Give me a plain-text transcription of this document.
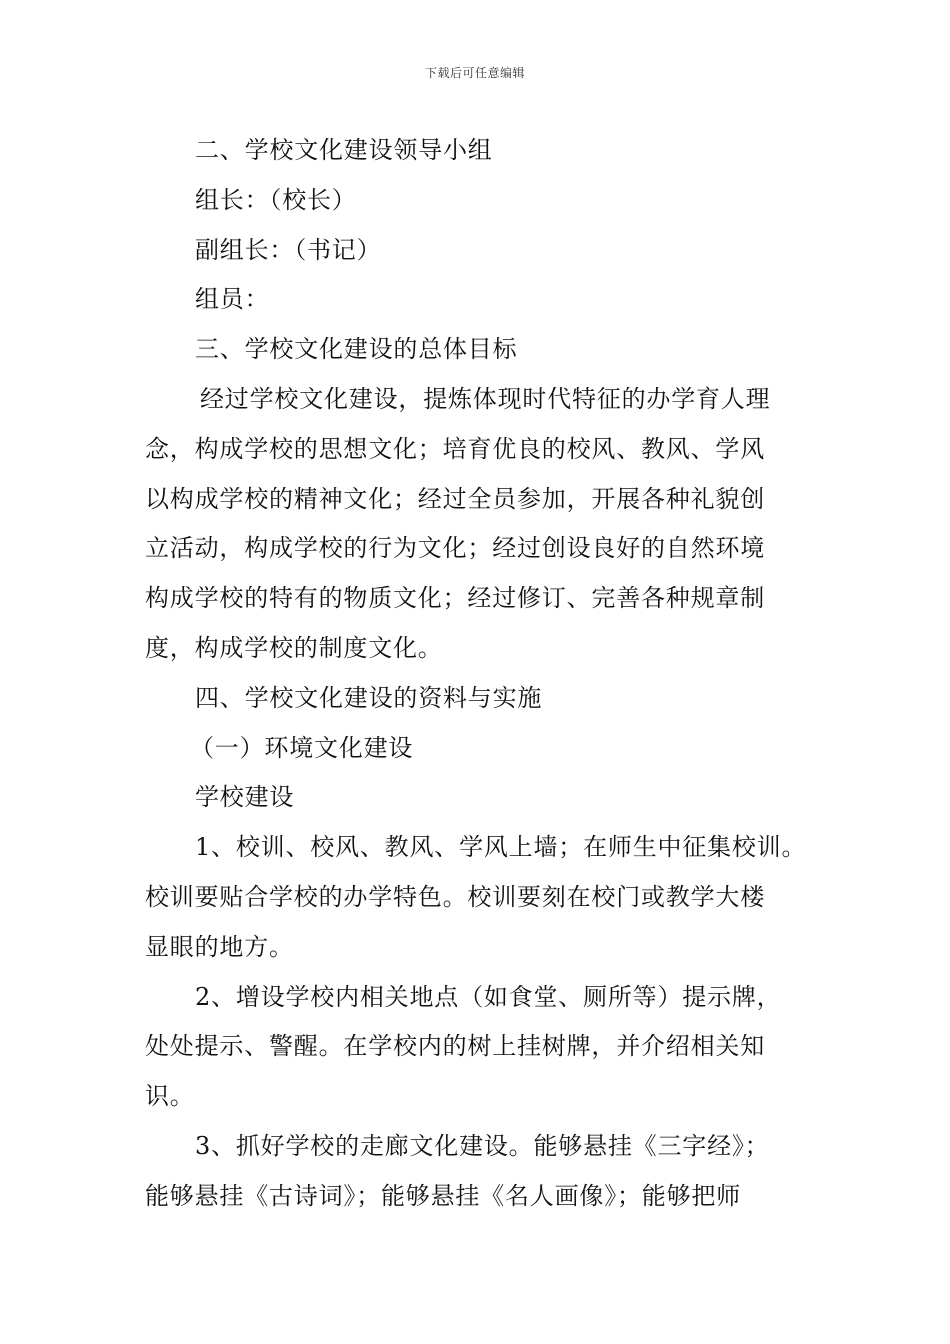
下载后可任意编辑
二、学校文化建设领导小组
组长：（校长）
副组长：（书记）
组员：
三、学校文化建设的总体目标
经过学校文化建设，提炼体现时代特征的办学育人理
念，构成学校的思想文化；培育优良的校风、教风、学风
以构成学校的精神文化；经过全员参加，开展各种礼貌创
立活动，构成学校的行为文化；经过创设良好的自然环境
构成学校的特有的物质文化；经过修订、完善各种规章制
度，构成学校的制度文化。
四、学校文化建设的资料与实施
（一）环境文化建设
学校建设
1、校训、校风、教风、学风上墙；在师生中征集校训。
校训要贴合学校的办学特色。校训要刻在校门或教学大楼
显眼的地方。
2、增设学校内相关地点（如食堂、厕所等）提示牌，
处处提示、警醒。在学校内的树上挂树牌，并介绍相关知
识。
3、抓好学校的走廊文化建设。能够悬挂《三字经》；
能够悬挂《古诗词》；能够悬挂《名人画像》；能够把师
